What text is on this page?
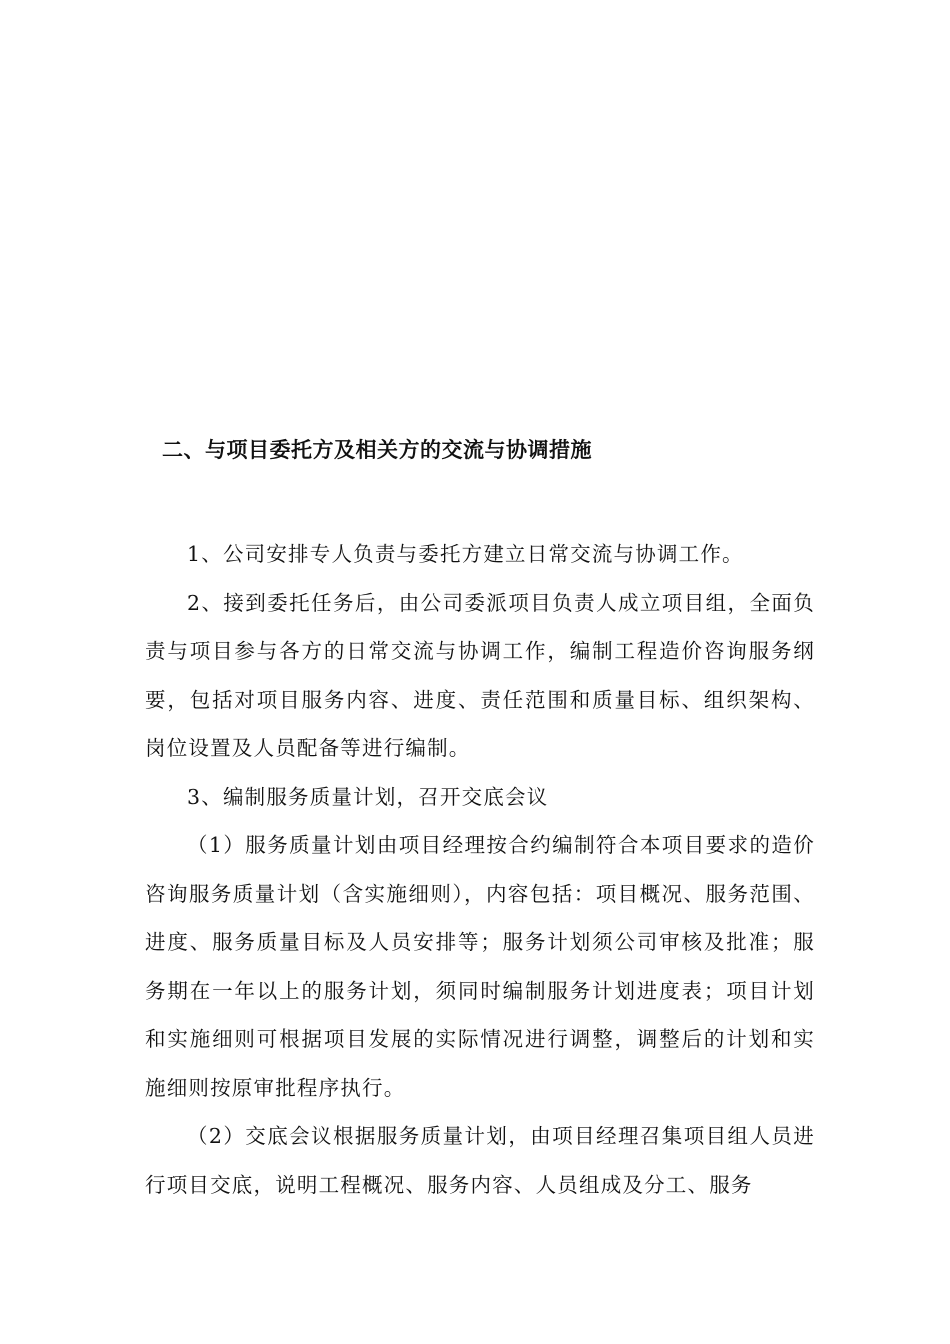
二、与项目委托方及相关方的交流与协调措施

1、公司安排专人负责与委托方建立日常交流与协调工作。

2、接到委托任务后，由公司委派项目负责人成立项目组，全面负责与项目参与各方的日常交流与协调工作，编制工程造价咨询服务纲要，包括对项目服务内容、进度、责任范围和质量目标、组织架构、岗位设置及人员配备等进行编制。

3、编制服务质量计划，召开交底会议

（1）服务质量计划由项目经理按合约编制符合本项目要求的造价咨询服务质量计划（含实施细则），内容包括：项目概况、服务范围、进度、服务质量目标及人员安排等；服务计划须公司审核及批准；服务期在一年以上的服务计划，须同时编制服务计划进度表；项目计划和实施细则可根据项目发展的实际情况进行调整，调整后的计划和实施细则按原审批程序执行。

（2）交底会议根据服务质量计划，由项目经理召集项目组人员进行项目交底，说明工程概况、服务内容、人员组成及分工、服务
